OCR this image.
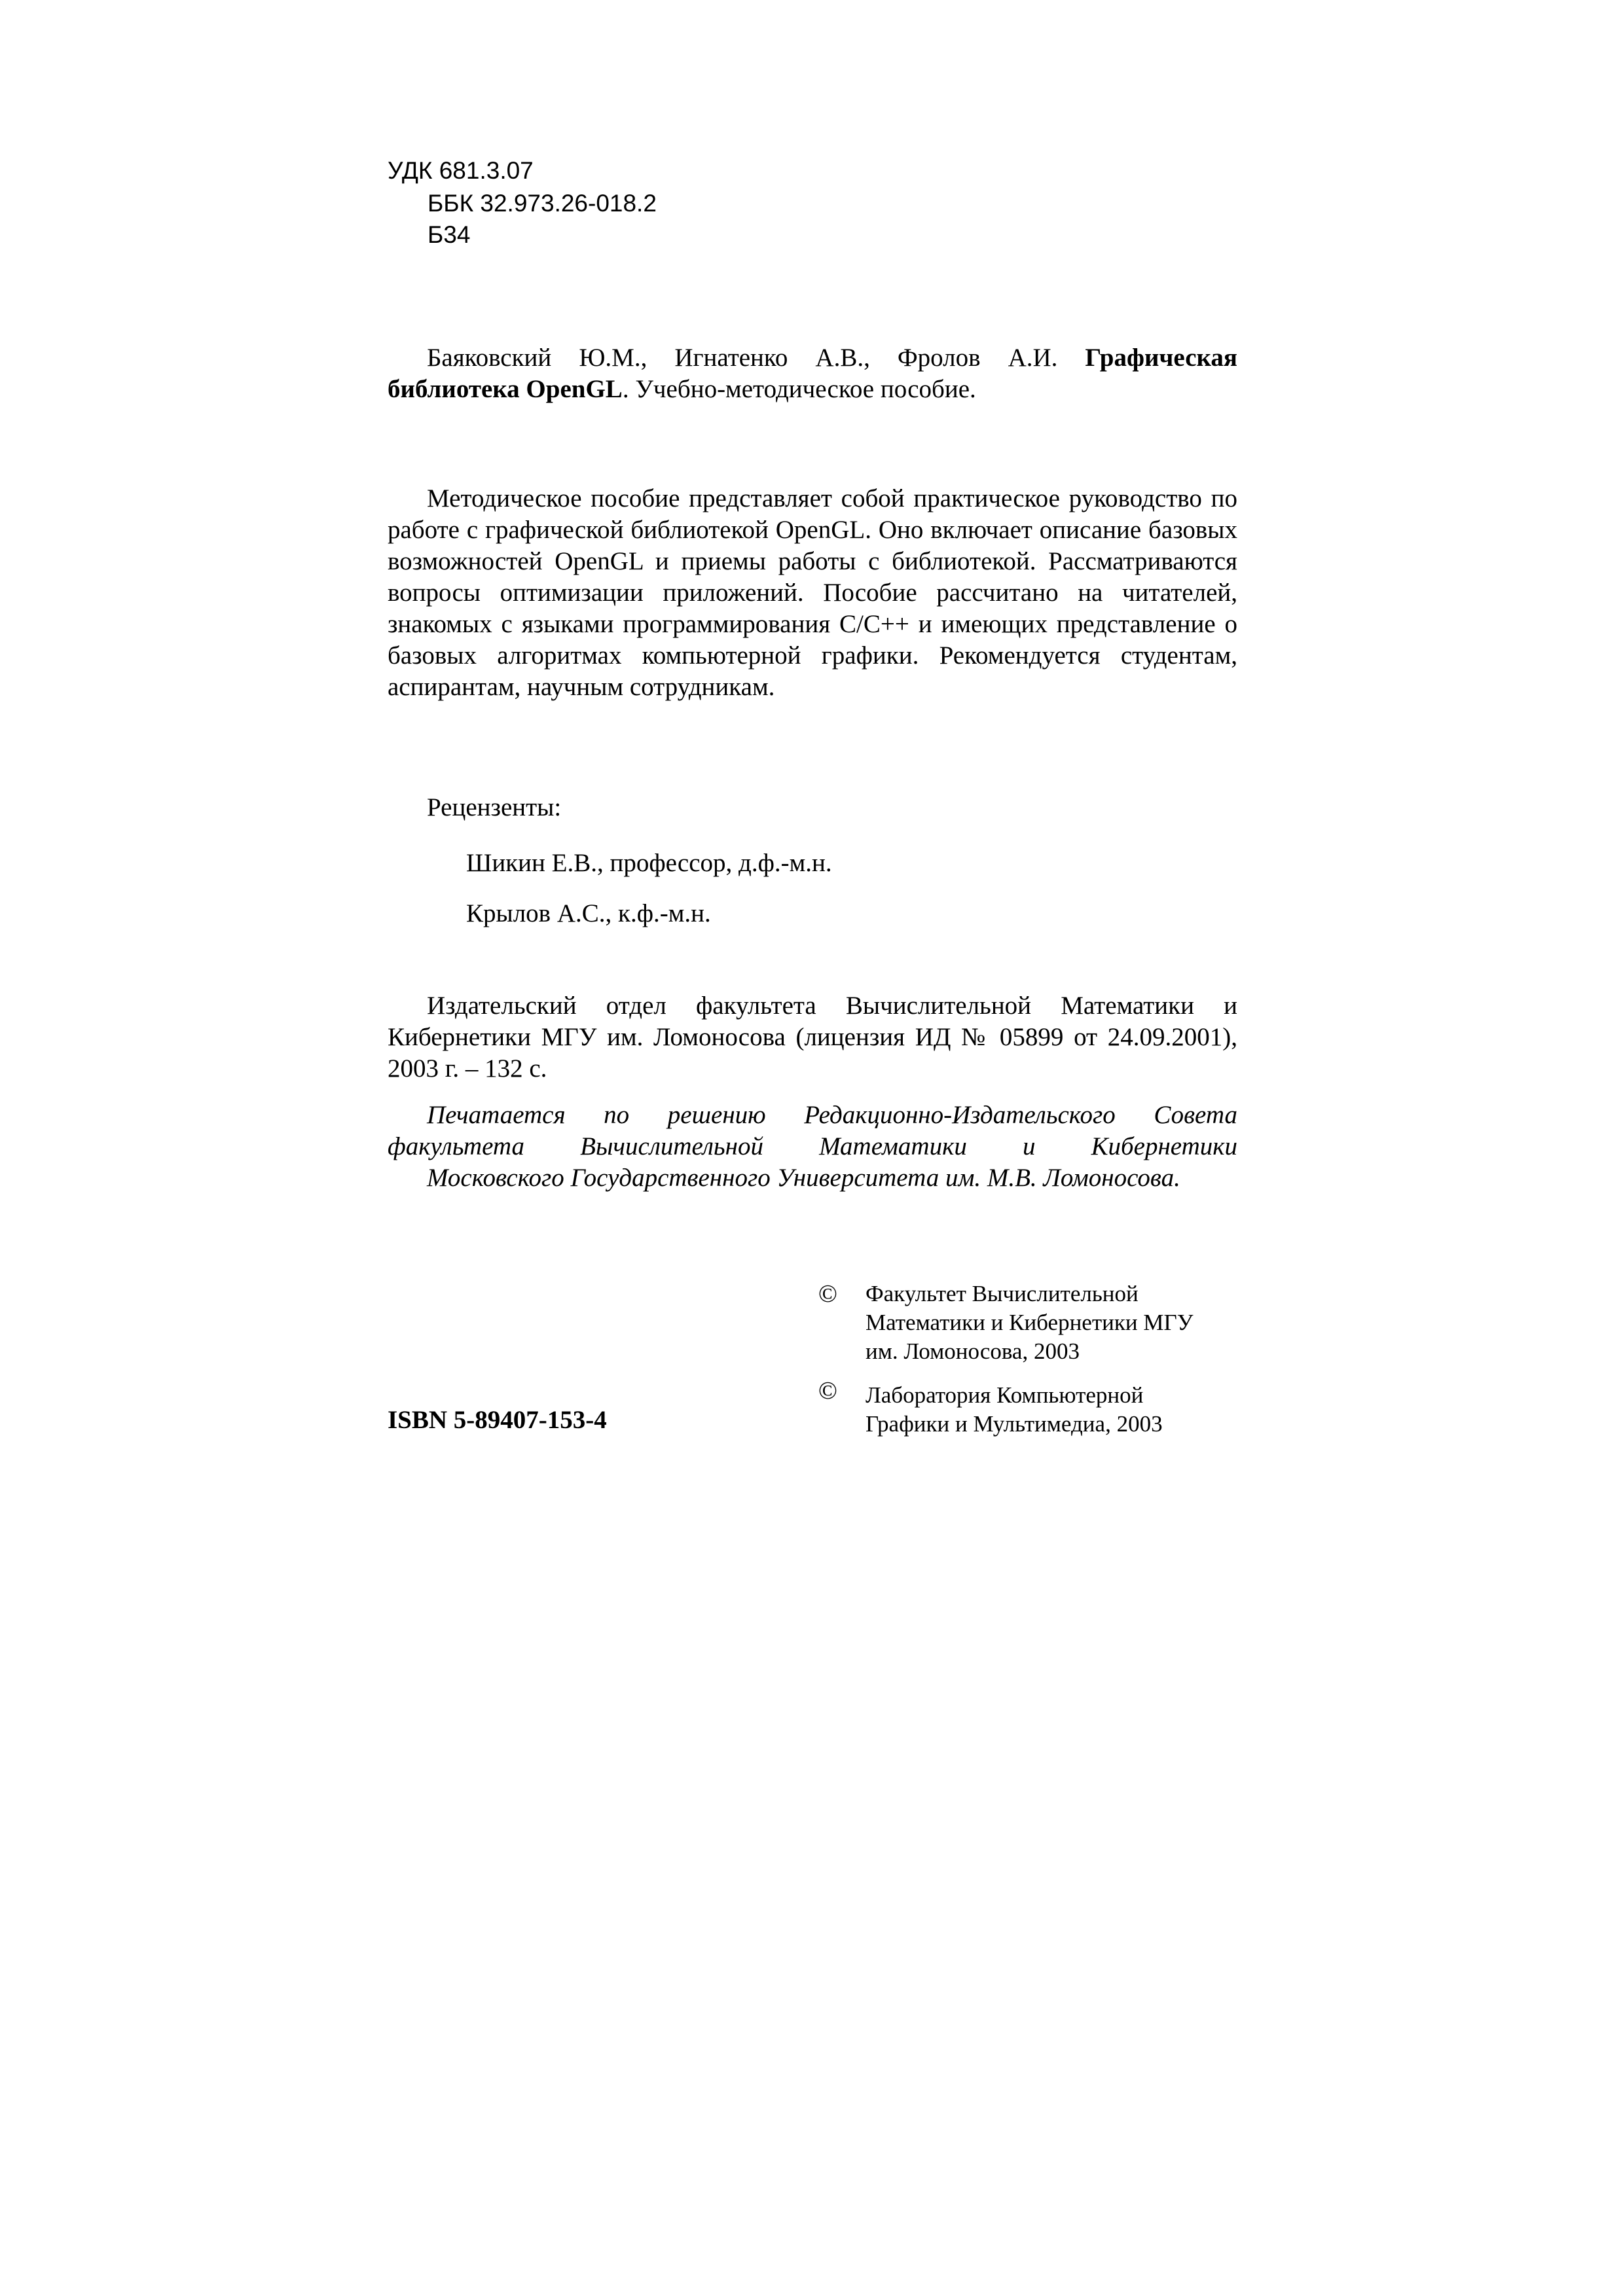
УДК 681.3.07
ББК 32.973.26-018.2
Б34
Баяковский Ю.М., Игнатенко А.В., Фролов А.И. Графическая библиотека OpenGL. Учебно-методическое пособие.
Методическое пособие представляет собой практическое руководство по работе с графической библиотекой OpenGL. Оно включает описание базовых возможностей OpenGL и приемы работы с библиотекой. Рассматриваются вопросы оптимизации приложений. Пособие рассчитано на читателей, знакомых с языками программирования C/C++ и имеющих представление о базовых алгоритмах компьютерной графики. Рекомендуется студентам, аспирантам, научным сотрудникам.
Рецензенты:
Шикин Е.В., профессор, д.ф.-м.н.
Крылов А.С., к.ф.-м.н.
Издательский отдел факультета Вычислительной Математики и Кибернетики МГУ им. Ломоносова (лицензия ИД № 05899 от 24.09.2001), 2003 г. – 132 с.
Печатается по решению Редакционно-Издательского Совета факультета Вычислительной Математики и Кибернетики
Московского Государственного Университета им. М.В. Ломоносова.
© Факультет Вычислительной
Математики и Кибернетики МГУ
им. Ломоносова, 2003
© Лаборатория Компьютерной
Графики и Мультимедиа, 2003
ISBN 5-89407-153-4
